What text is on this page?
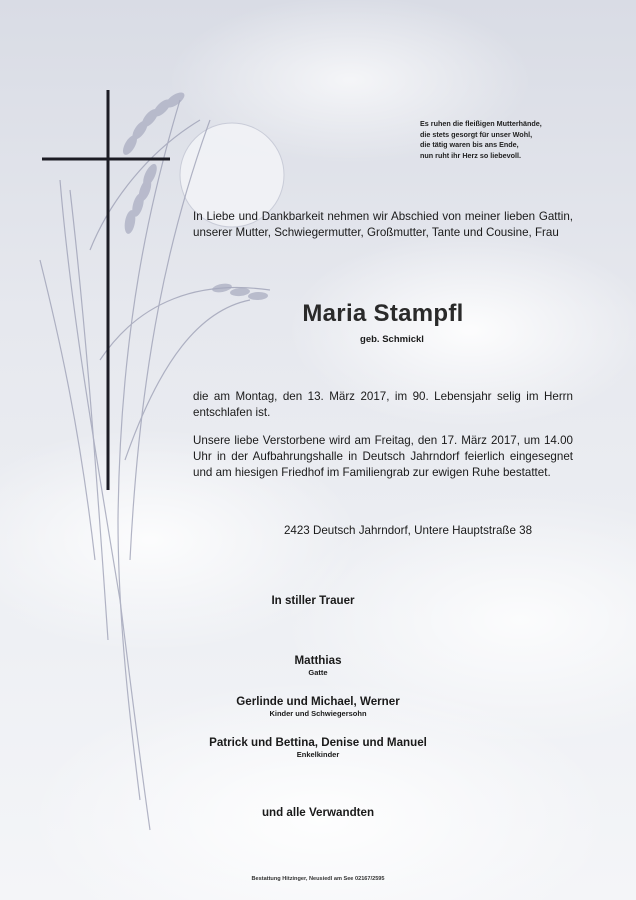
Es ruhen die fleißigen Mutterhände,
die stets gesorgt für unser Wohl,
die tätig waren bis ans Ende,
nun ruht ihr Herz so liebevoll.
In Liebe und Dankbarkeit nehmen wir Abschied von meiner lieben Gattin, unserer Mutter, Schwiegermutter, Großmutter, Tante und Cousine, Frau
Maria Stampfl
geb. Schmickl
die am Montag, den 13. März 2017, im 90. Lebensjahr selig im Herrn entschlafen ist.
Unsere liebe Verstorbene wird am Freitag, den 17. März 2017, um 14.00 Uhr in der Aufbahrungshalle in Deutsch Jahrndorf feierlich eingesegnet und am hiesigen Friedhof im Familiengrab zur ewigen Ruhe bestattet.
2423 Deutsch Jahrndorf, Untere Hauptstraße 38
In stiller Trauer
Matthias
Gatte
Gerlinde und Michael, Werner
Kinder und Schwiegersohn
Patrick und Bettina, Denise und Manuel
Enkelkinder
und alle Verwandten
Bestattung Hitzinger, Neusiedl am See 02167/2595
